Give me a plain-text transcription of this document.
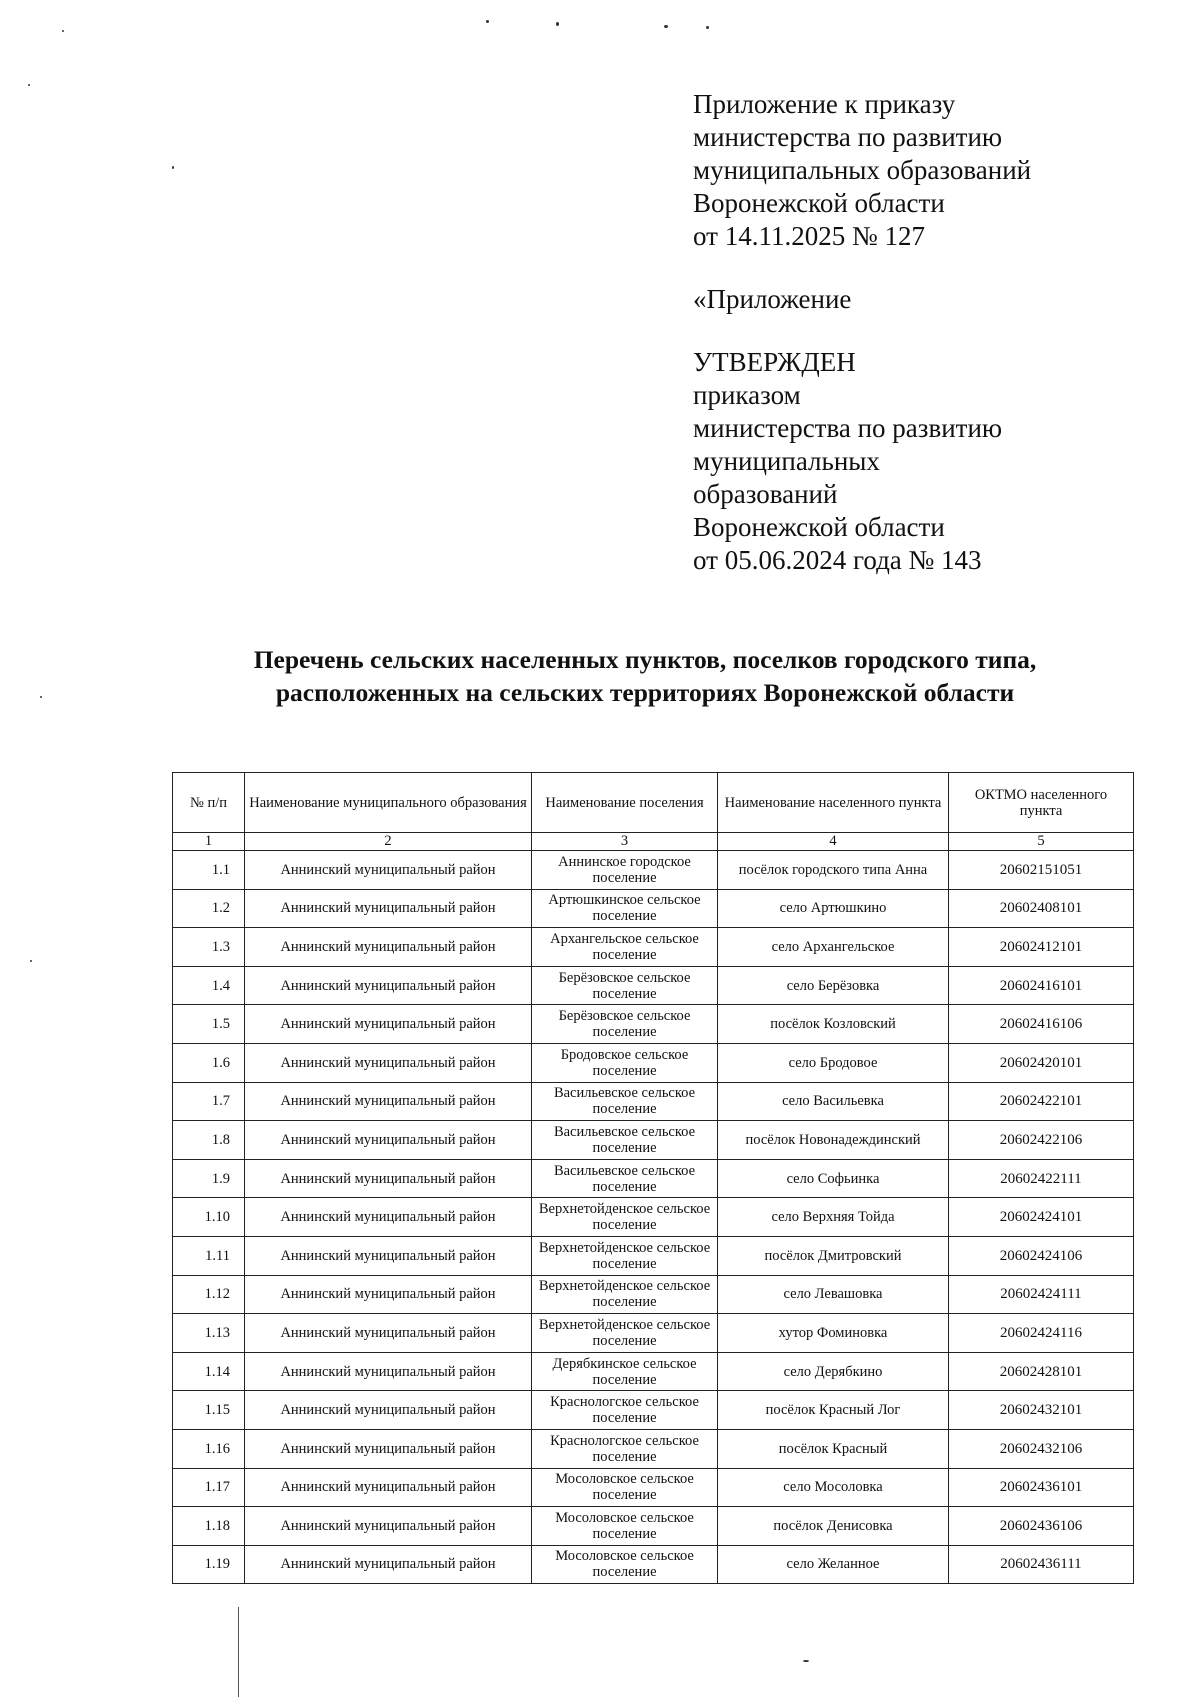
Приложение к приказу
министерства по развитию
муниципальных образований
Воронежской области
от 14.11.2025 № 127
«Приложение
УТВЕРЖДЕН
приказом
министерства по развитию
муниципальных
образований
Воронежской области
от 05.06.2024 года № 143
Перечень сельских населенных пунктов, поселков городского типа,
расположенных на сельских территориях Воронежской области
№ п/п	Наименование муниципального образования	Наименование поселения	Наименование населенного пункта	ОКТМО населенного пункта
1	2	3	4	5
1.1	Аннинский муниципальный район	Аннинское городское поселение	посёлок городского типа Анна	20602151051
1.2	Аннинский муниципальный район	Артюшкинское сельское поселение	село Артюшкино	20602408101
1.3	Аннинский муниципальный район	Архангельское сельское поселение	село Архангельское	20602412101
1.4	Аннинский муниципальный район	Берёзовское сельское поселение	село Берёзовка	20602416101
1.5	Аннинский муниципальный район	Берёзовское сельское поселение	посёлок Козловский	20602416106
1.6	Аннинский муниципальный район	Бродовское сельское поселение	село Бродовое	20602420101
1.7	Аннинский муниципальный район	Васильевское сельское поселение	село Васильевка	20602422101
1.8	Аннинский муниципальный район	Васильевское сельское поселение	посёлок Новонадеждинский	20602422106
1.9	Аннинский муниципальный район	Васильевское сельское поселение	село Софьинка	20602422111
1.10	Аннинский муниципальный район	Верхнетойденское сельское поселение	село Верхняя Тойда	20602424101
1.11	Аннинский муниципальный район	Верхнетойденское сельское поселение	посёлок Дмитровский	20602424106
1.12	Аннинский муниципальный район	Верхнетойденское сельское поселение	село Левашовка	20602424111
1.13	Аннинский муниципальный район	Верхнетойденское сельское поселение	хутор Фоминовка	20602424116
1.14	Аннинский муниципальный район	Дерябкинское сельское поселение	село Дерябкино	20602428101
1.15	Аннинский муниципальный район	Краснологское сельское поселение	посёлок Красный Лог	20602432101
1.16	Аннинский муниципальный район	Краснологское сельское поселение	посёлок Красный	20602432106
1.17	Аннинский муниципальный район	Мосоловское сельское поселение	село Мосоловка	20602436101
1.18	Аннинский муниципальный район	Мосоловское сельское поселение	посёлок Денисовка	20602436106
1.19	Аннинский муниципальный район	Мосоловское сельское поселение	село Желанное	20602436111
